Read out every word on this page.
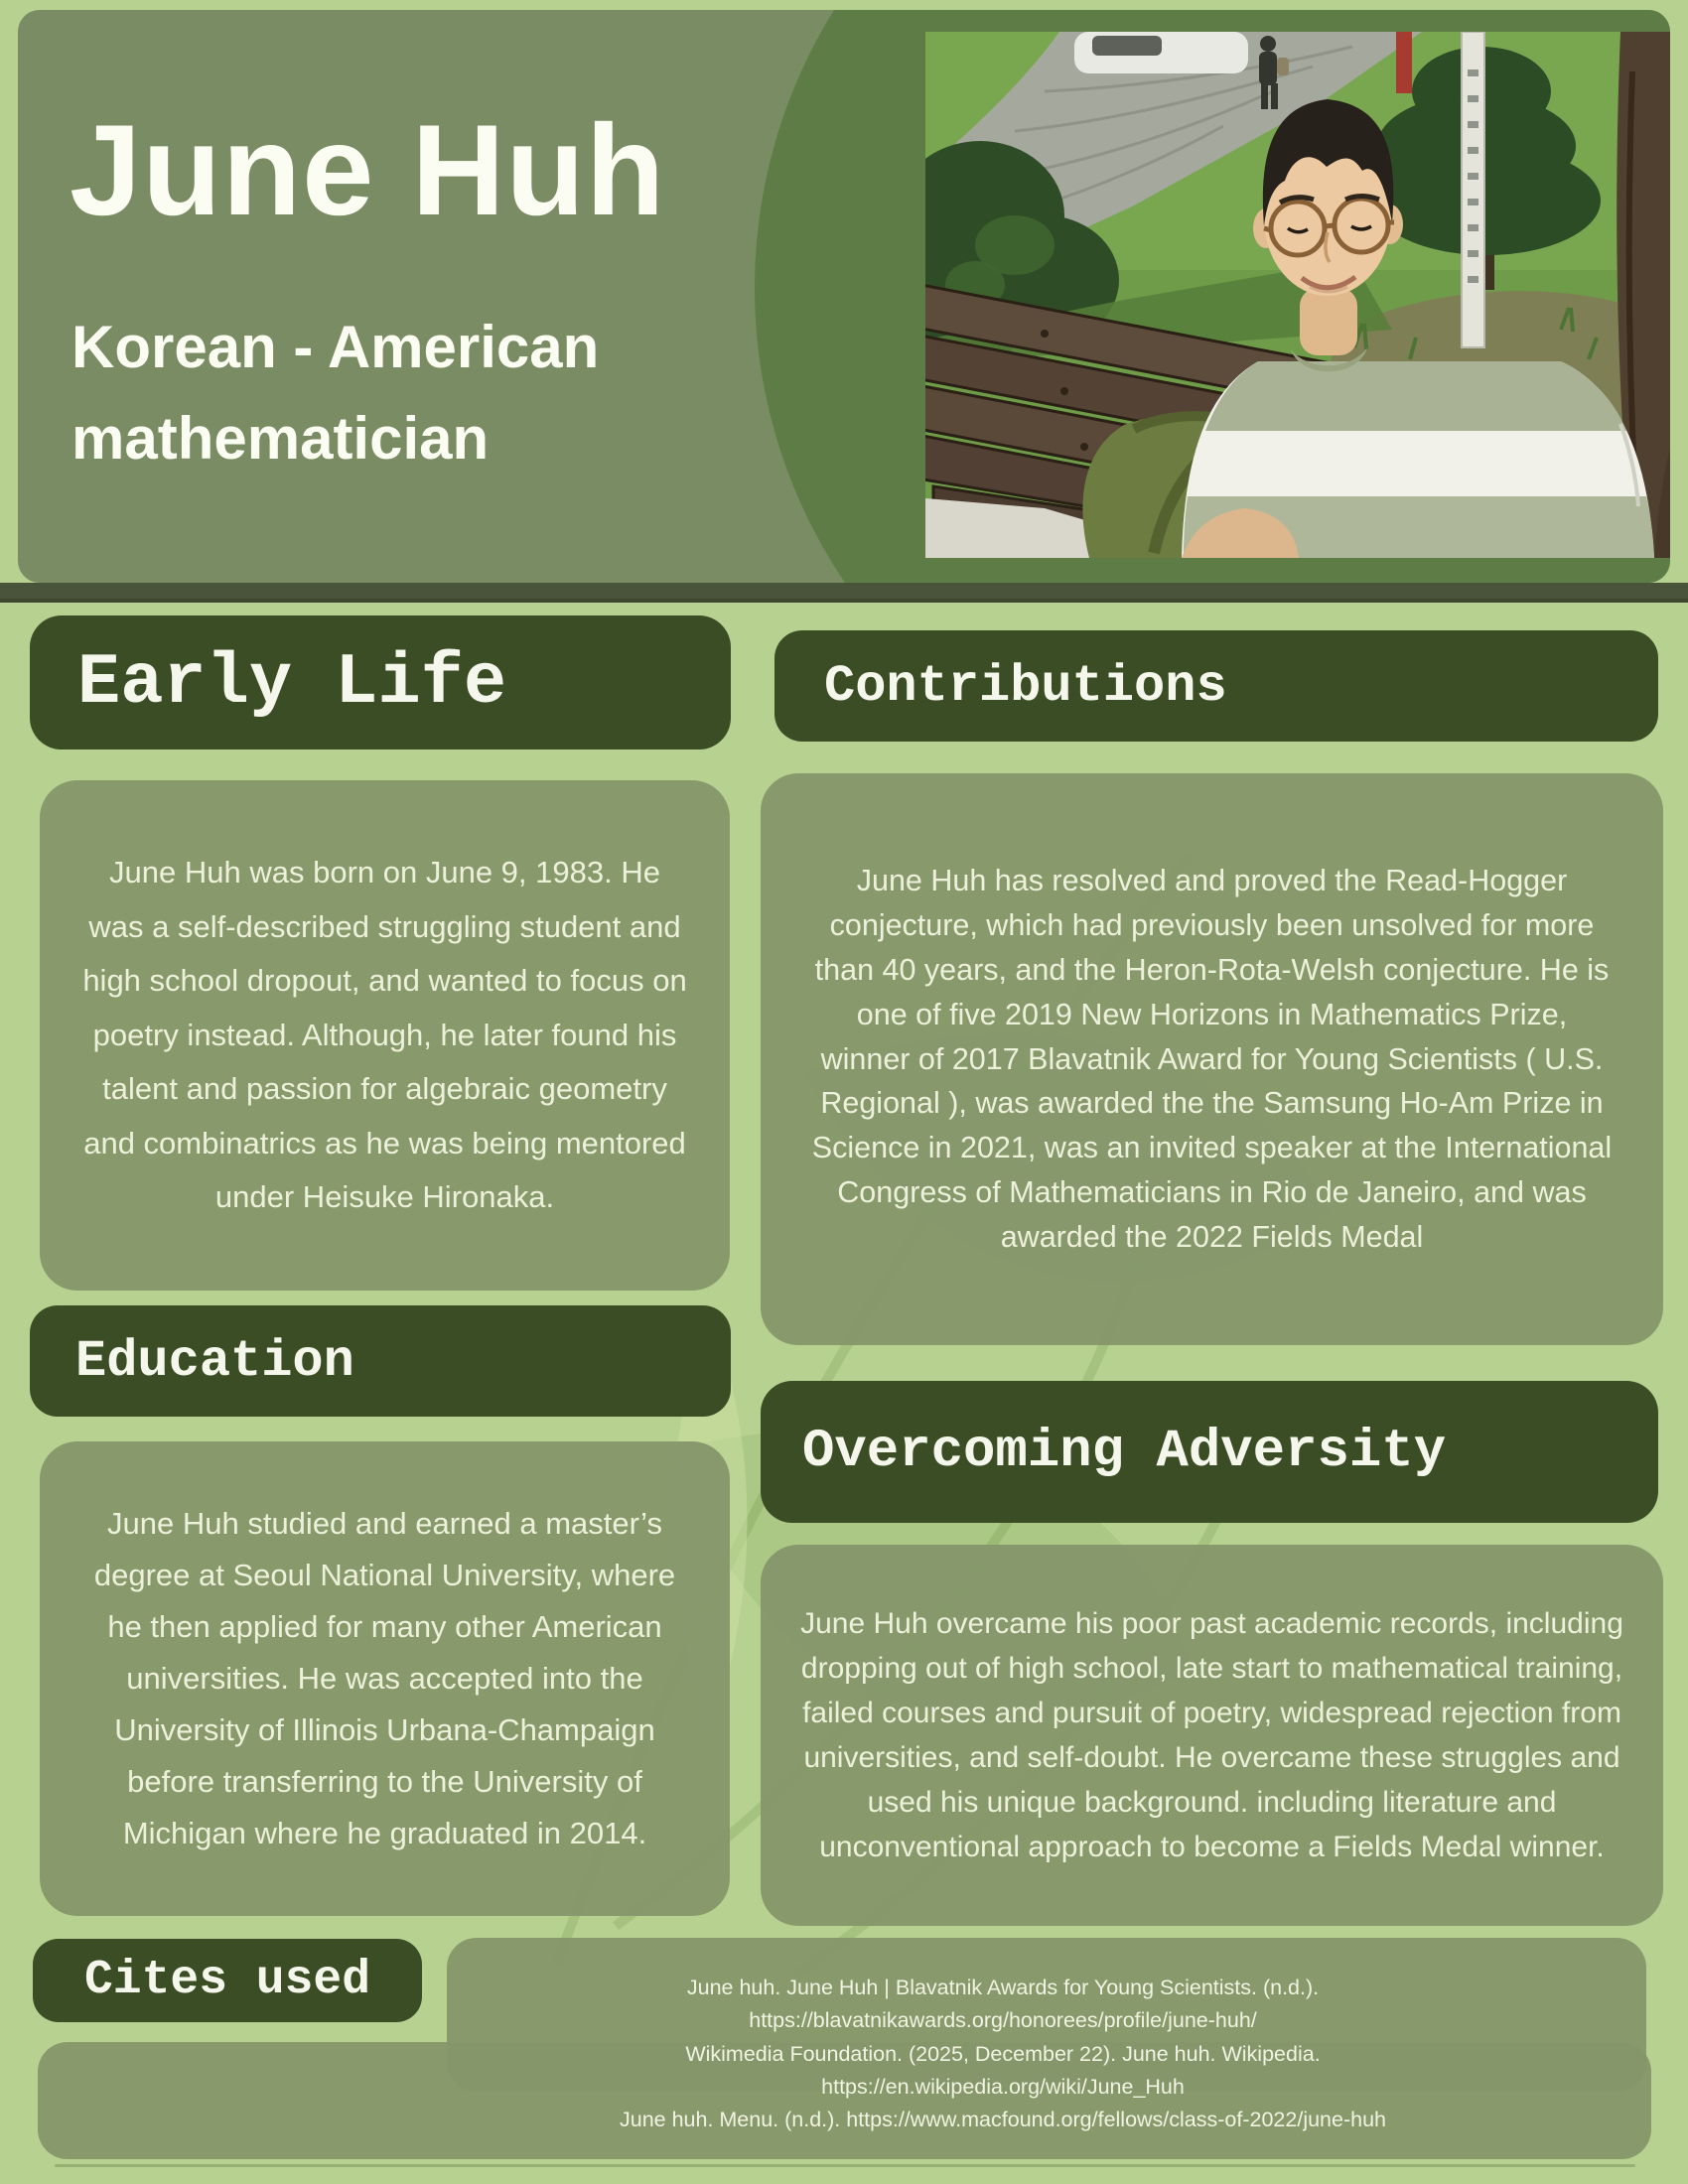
June Huh
Korean - American mathematician
Early Life	Contributions
Education
Overcoming Adversity

June Huh was born on June 9, 1983. He was a self-described struggling student and high school dropout, and wanted to focus on poetry instead. Although, he later found his talent and passion for algebraic geometry and combinatrics as he was being mentored under Heisuke Hironaka.

June Huh has resolved and proved the Read-Hogger conjecture, which had previously been unsolved for more than 40 years, and the Heron-Rota-Welsh conjecture. He is one of five 2019 New Horizons in Mathematics Prize, winner of 2017 Blavatnik Award for Young Scientists ( U.S. Regional ), was awarded the the Samsung Ho-Am Prize in Science in 2021, was an invited speaker at the International Congress of Mathematicians in Rio de Janeiro, and was awarded the 2022 Fields Medal

June Huh studied and earned a master’s degree at Seoul National University, where he then applied for many other American universities. He was accepted into the University of Illinois Urbana-Champaign before transferring to the University of Michigan where he graduated in 2014.

June Huh overcame his poor past academic records, including dropping out of high school, late start to mathematical training, failed courses and pursuit of poetry, widespread rejection from universities, and self-doubt. He overcame these struggles and used his unique background. including literature and unconventional approach to become a Fields Medal winner.

Cites used	June huh. June Huh | Blavatnik Awards for Young Scientists. (n.d.).
https://blavatnikawards.org/honorees/profile/june-huh/
Wikimedia Foundation. (2025, December 22). June huh. Wikipedia.
https://en.wikipedia.org/wiki/June_Huh
June huh. Menu. (n.d.). https://www.macfound.org/fellows/class-of-2022/june-huh
